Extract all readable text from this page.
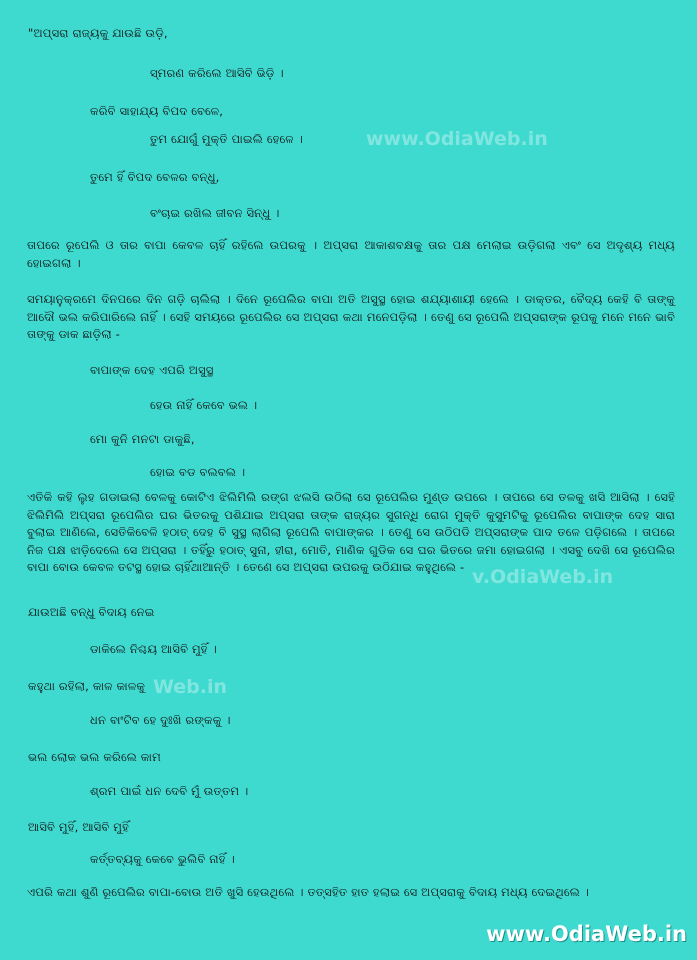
www.OdiaWeb.in
v.OdiaWeb.in
Web.in
"ଅପ୍ସରା ରାଜ୍ୟକୁ ଯାଉଛି ଉଡ଼ି,
ସ୍ମରଣ କରିଲେ ଆସିବି ଭିଡ଼ି ।
କରିବି ସାହାଯ୍ୟ ବିପଦ ବେଳେ,
ତୁମ ଯୋଗୁଁ ମୁକ୍ତି ପାଇଲି ହେଳେ ।
ତୁମେ ହିଁ ବିପଦ ବେଳର ବନ୍ଧୁ,
ବଂଚାଇ ରଖିଲ ଜୀବନ ସିନ୍ଧୁ ।
ତାପରେ ରୂପେଲି ଓ ତାର ବାପା କେବଳ ଚାହିଁ ରହିଲେ ଉପରକୁ । ଅପ୍ସରା ଆକାଶବକ୍ଷକୁ ତାର ପକ୍ଷ ମେଲାଇ ଉଡ଼ିଗଲା ଏବଂ ସେ ଅଦୃଶ୍ୟ ମଧ୍ୟ ହୋଇଗଲା ।
ସମୟାନୁକ୍ରମେ ଦିନପରେ ଦିନ ଗଡ଼ି ଚାଲିଲା । ଦିନେ ରୂପେଲିର ବାପା ଅତି ଅସୁସ୍ଥ ହୋଇ ଶଯ୍ୟାଶାୟୀ ହେଲେ । ଡାକ୍ତର, ବୈଦ୍ୟ କେହି ବି ତାଙ୍କୁ ଆଦୌ ଭଲ କରିପାରିଲେ ନାହିଁ । ସେହି ସମୟରେ ରୂପେଲିର ସେ ଅପ୍ସରା କଥା ମନେପଡ଼ିଲା । ତେଣୁ ସେ ରୂପେଲି ଅପ୍ସରାଙ୍କ ରୂପକୁ ମନେ ମନେ ଭାବି ତାଙ୍କୁ ଡାକ ଛାଡ଼ିଲା -
ବାପାଙ୍କ ଦେହ ଏପରି ଅସୁସ୍ଥ
ହେଉ ନାହିଁ କେବେ ଭଲ ।
ମୋ କୁନି ମନଟା ଡାକୁଛି,
ହୋଇ ବଡ ବଲବଲ ।
ଏତିକି କହି ଲୁହ ଗଡାଇଲା ବେଳକୁ କୋଟିଏ ଝିଲିମିଲି ରଙ୍ଗ ଝଲସି ଉଠିଲା ସେ ରୂପେଲିର ମୁଣ୍ଡ ଉପରେ । ତାପରେ ସେ ତଳକୁ ଖସି ଆସିଲା । ସେହି ଝିଲିମିଲି ଅପ୍ସରା ରୂପେଲିର ଘର ଭିତରକୁ ପଶିଯାଇ ଅପ୍ସରା ତାଙ୍କ ରାଜ୍ୟର ସୁଗନ୍ଧି ରୋଗ ମୁକ୍ତି କୁସୁମଟିକୁ ରୂପେଲିର ବାପାଙ୍କ ଦେହ ସାରା ବୁଲାଇ ଆଣିଲେ, ସେତିକିବେଳି ହଠାତ୍ ଦେହ ବି ସୁସ୍ଥ ଲାଗିଲା ରୂପେଲି ବାପାଙ୍କର । ତେଣୁ ସେ ଉଠିପଡି ଅପ୍ସରାଙ୍କ ପାଦ ତଳେ ପଡ଼ିଗଲେ । ତାପରେ ନିଜ ପକ୍ଷ ଝାଡ଼ିଦେଲେ ସେ ଅପ୍ସରା । ତହିଁରୁ ହଠାତ୍ ସୁନା, ହୀରା, ମୋତି, ମାଣିକ ଗୁଡିକ ସେ ଘର ଭିତରେ ଜମା ହୋଇଗଲା । ଏସବୁ ଦେଖି ସେ ରୂପେଲିର ବାପା ବୋଉ କେବଳ ତଟସ୍ଥ ହୋଇ ଚାହିଁଥାଆନ୍ତି । ତେଣେ ସେ ଅପ୍ସରା ଉପରକୁ ଉଠିଯାଇ କହୁଥିଲେ -
ଯାଉଅଛି ବନ୍ଧୁ ବିଦାୟ ନେଇ
ଡାକିଲେ ନିଶ୍ଚୟ ଆସିବି ମୁହିଁ ।
କହୁଥା ରହିଲା, କାଳ କାଳକୁ
ଧନ ବାଂଟିବ ହେ ଦୁଃଖି ରଙ୍କକୁ ।
ଭଲ ଲୋକ ଭଲ କରିଲେ କାମ
ଶ୍ରମ ପାଇଁ ଧନ ଦେବି ମୁଁ ଉତ୍ତମ ।
ଆସିବି ମୁହିଁ, ଆସିବି ମୁହିଁ
କର୍ତ୍ତବ୍ୟକୁ କେବେ ଭୁଲିବି ନାହିଁ ।
ଏପରି କଥା ଶୁଣି ରୂପେଲିର ବାପା-ବୋଉ ଅତି ଖୁସି ହେଉଥିଲେ । ତତ୍ସହିତ ହାତ ହଲାଇ ସେ ଅପ୍ସରାକୁ ବିଦାୟ ମଧ୍ୟ ଦେଇଥିଲେ ।
www.OdiaWeb.in
